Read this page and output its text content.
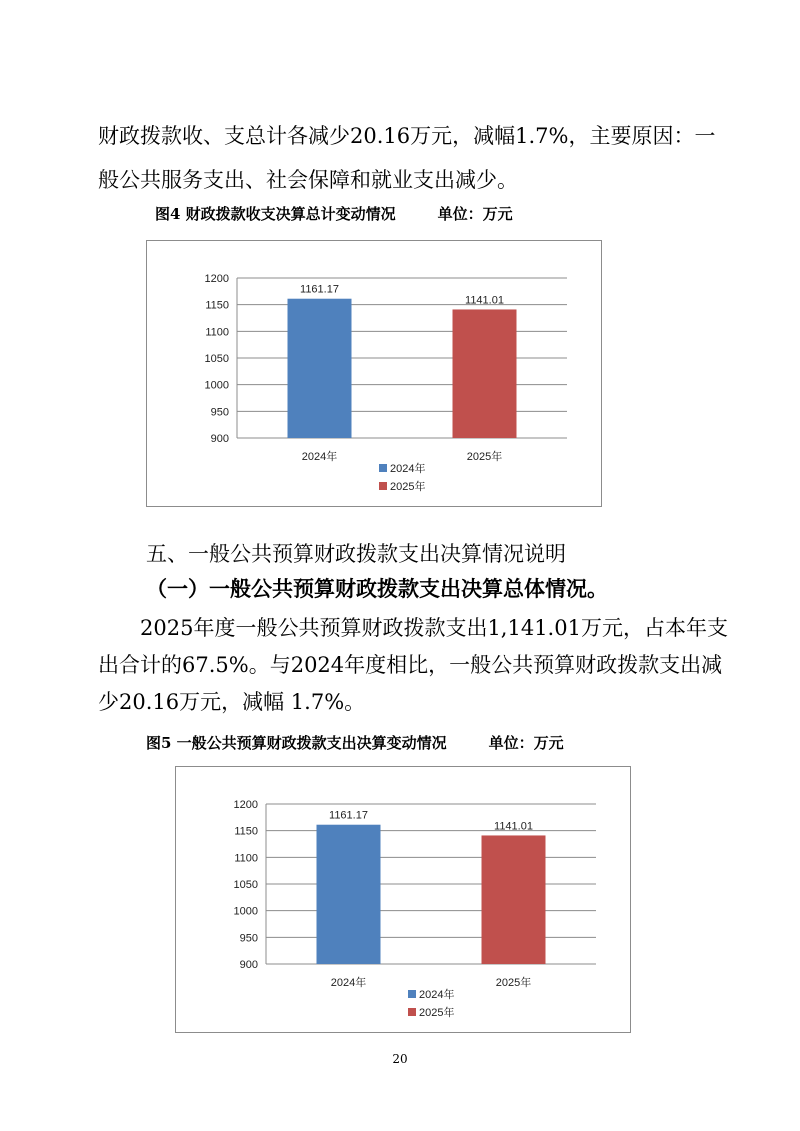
财政拨款收、支总计各减少20.16万元，减幅1.7%，主要原因：一
般公共服务支出、社会保障和就业支出减少。
图4 财政拨款收支决算总计变动情况	单位：万元
1200
1150
1100
1050
1000
950
900
1161.17
2024年
1141.01
2025年
2024年
2025年
五、一般公共预算财政拨款支出决算情况说明
（一）一般公共预算财政拨款支出决算总体情况。
2025年度一般公共预算财政拨款支出1,141.01万元，占本年支
出合计的67.5%。与2024年度相比，一般公共预算财政拨款支出减
少20.16万元，减幅 1.7%。
图5 一般公共预算财政拨款支出决算变动情况	单位：万元
1200
1150
1100
1050
1000
950
900
1161.17
2024年
1141.01
2025年
2024年
2025年
20
